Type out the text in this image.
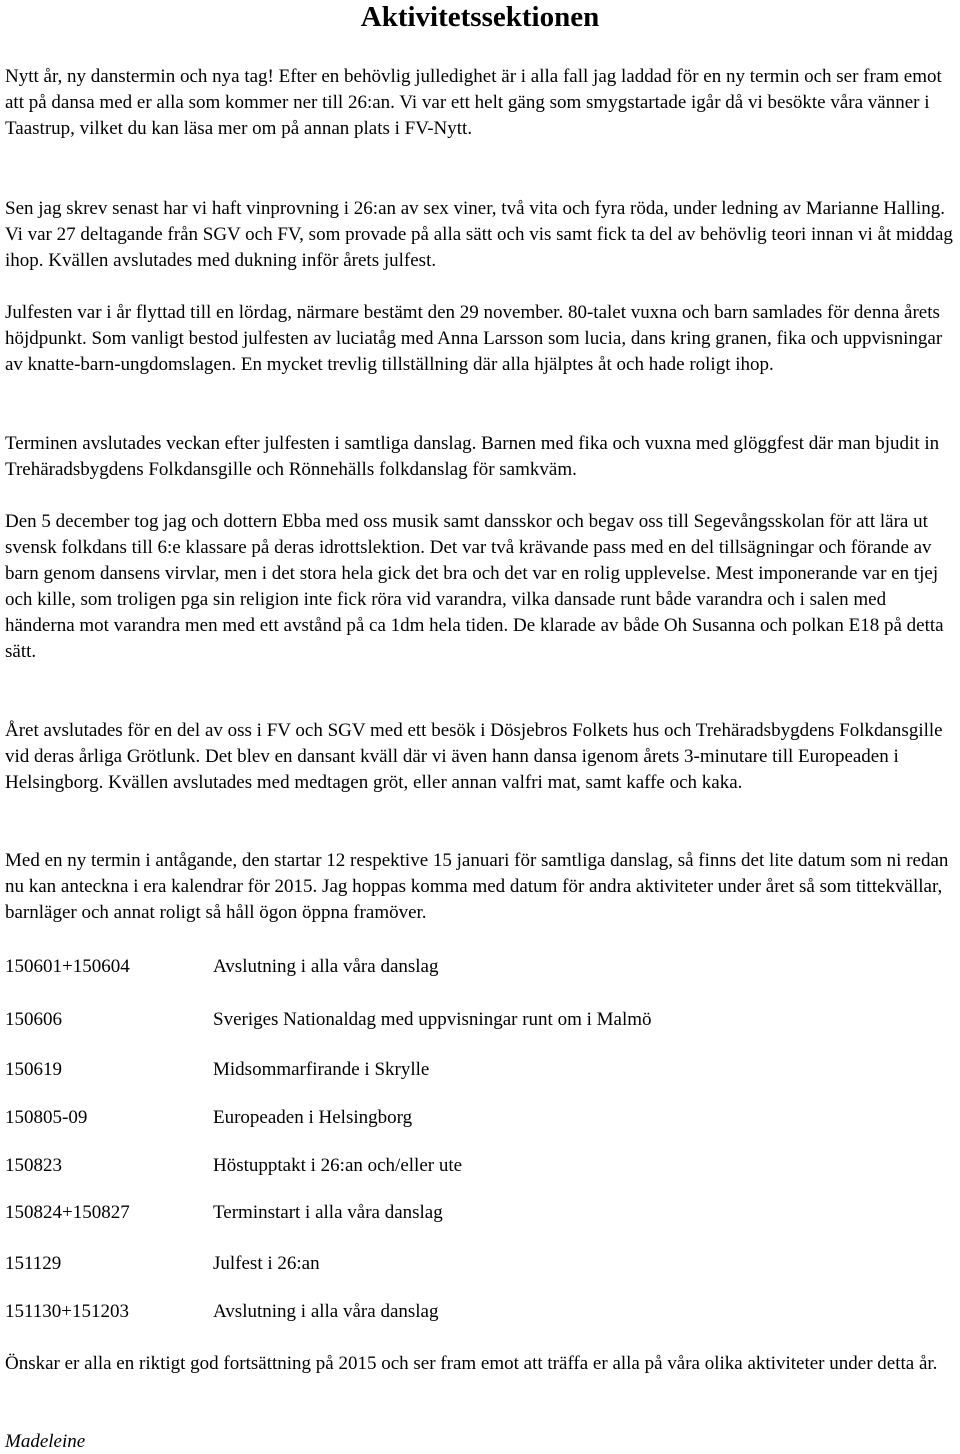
Aktivitetssektionen

Nytt år, ny danstermin och nya tag! Efter en behövlig julledighet är i alla fall jag laddad för en ny termin och ser fram emot att på dansa med er alla som kommer ner till 26:an. Vi var ett helt gäng som smygstartade igår då vi besökte våra vänner i Taastrup, vilket du kan läsa mer om på annan plats i FV-Nytt.

Sen jag skrev senast har vi haft vinprovning i 26:an av sex viner, två vita och fyra röda, under ledning av Marianne Halling. Vi var 27 deltagande från SGV och FV, som provade på alla sätt och vis samt fick ta del av behövlig teori innan vi åt middag ihop. Kvällen avslutades med dukning inför årets julfest.

Julfesten var i år flyttad till en lördag, närmare bestämt den 29 november. 80-talet vuxna och barn samlades för denna årets höjdpunkt. Som vanligt bestod julfesten av luciatåg med Anna Larsson som lucia, dans kring granen, fika och uppvisningar av knatte-barn-ungdomslagen. En mycket trevlig tillställning där alla hjälptes åt och hade roligt ihop.

Terminen avslutades veckan efter julfesten i samtliga danslag. Barnen med fika och vuxna med glöggfest där man bjudit in Trehäradsbygdens Folkdansgille och Rönnehälls folkdanslag för samkväm.

Den 5 december tog jag och dottern Ebba med oss musik samt dansskor och begav oss till Segevångsskolan för att lära ut svensk folkdans till 6:e klassare på deras idrottslektion. Det var två krävande pass med en del tillsägningar och förande av barn genom dansens virvlar, men i det stora hela gick det bra och det var en rolig upplevelse. Mest imponerande var en tjej och kille, som troligen pga sin religion inte fick röra vid varandra, vilka dansade runt både varandra och i salen med händerna mot varandra men med ett avstånd på ca 1dm hela tiden. De klarade av både Oh Susanna och polkan E18 på detta sätt.

Året avslutades för en del av oss i FV och SGV med ett besök i Dösjebros Folkets hus och Trehäradsbygdens Folkdansgille vid deras årliga Grötlunk. Det blev en dansant kväll där vi även hann dansa igenom årets 3-minutare till Europeaden i Helsingborg. Kvällen avslutades med medtagen gröt, eller annan valfri mat, samt kaffe och kaka.

Med en ny termin i antågande, den startar 12 respektive 15 januari för samtliga danslag, så finns det lite datum som ni redan nu kan anteckna i era kalendrar för 2015. Jag hoppas komma med datum för andra aktiviteter under året så som tittekvällar, barnläger och annat roligt så håll ögon öppna framöver.

150601+150604	Avslutning i alla våra danslag
150606	Sveriges Nationaldag med uppvisningar runt om i Malmö
150619	Midsommarfirande i Skrylle
150805-09	Europeaden i Helsingborg
150823	Höstupptakt i 26:an och/eller ute
150824+150827	Terminstart i alla våra danslag
151129	Julfest i 26:an
151130+151203	Avslutning i alla våra danslag

Önskar er alla en riktigt god fortsättning på 2015 och ser fram emot att träffa er alla på våra olika aktiviteter under detta år.

Madeleine
